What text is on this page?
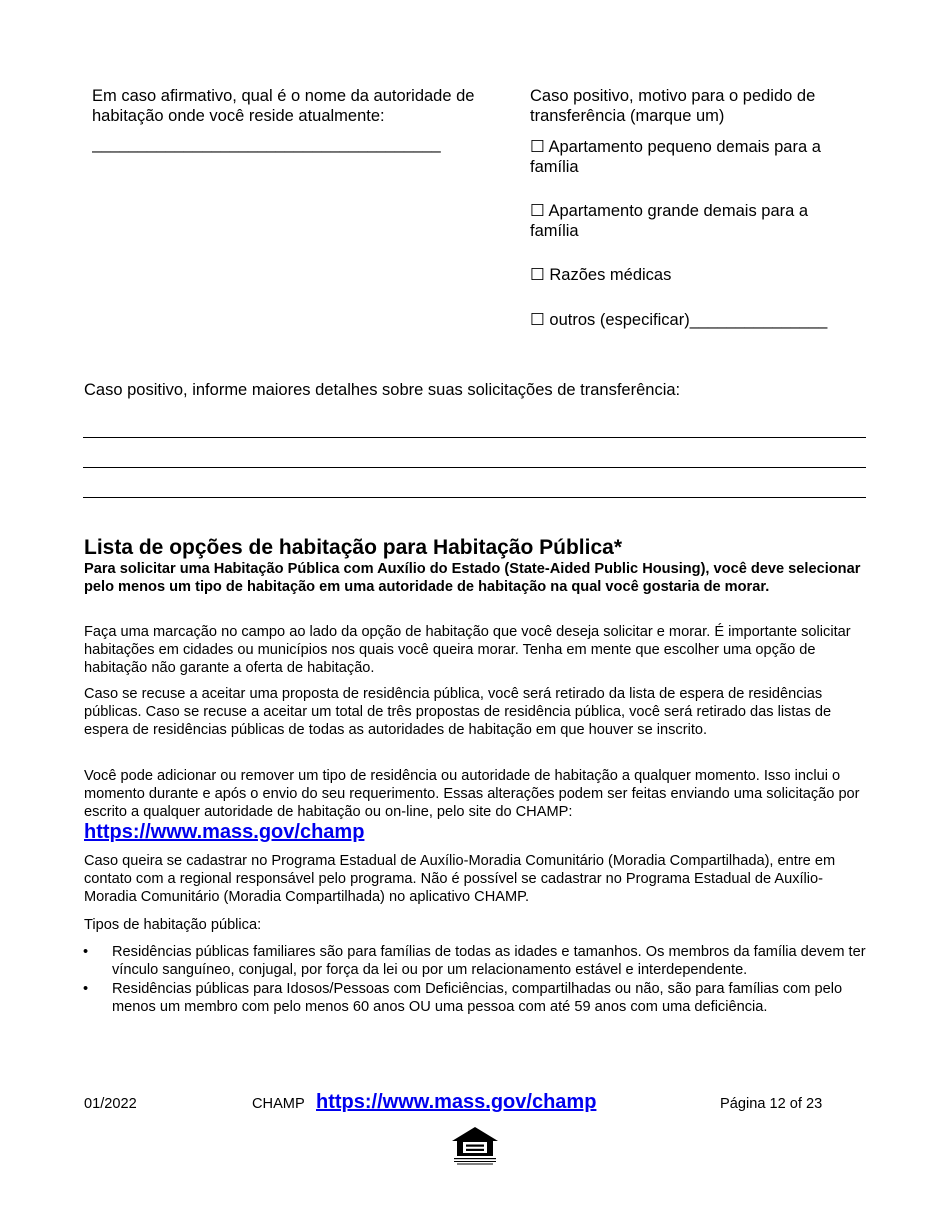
Em caso afirmativo, qual é o nome da autoridade de habitação onde você reside atualmente:
______________________________________
Caso positivo, motivo para o pedido de transferência (marque um)
☐ Apartamento pequeno demais para a família
☐ Apartamento grande demais para a família
☐ Razões médicas
☐ outros (especificar)_______________
Caso positivo, informe maiores detalhes sobre suas solicitações de transferência:
Lista de opções de habitação para Habitação Pública*
Para solicitar uma Habitação Pública com Auxílio do Estado (State-Aided Public Housing), você deve selecionar pelo menos um tipo de habitação em uma autoridade de habitação na qual você gostaria de morar.
Faça uma marcação no campo ao lado da opção de habitação que você deseja solicitar e morar. É importante solicitar habitações em cidades ou municípios nos quais você queira morar. Tenha em mente que escolher uma opção de habitação não garante a oferta de habitação.
Caso se recuse a aceitar uma proposta de residência pública, você será retirado da lista de espera de residências públicas. Caso se recuse a aceitar um total de três propostas de residência pública, você será retirado das listas de espera de residências públicas de todas as autoridades de habitação em que houver se inscrito.
Você pode adicionar ou remover um tipo de residência ou autoridade de habitação a qualquer momento. Isso inclui o momento durante e após o envio do seu requerimento. Essas alterações podem ser feitas enviando uma solicitação por escrito a qualquer autoridade de habitação ou on-line, pelo site do CHAMP:
https://www.mass.gov/champ
Caso queira se cadastrar no Programa Estadual de Auxílio-Moradia Comunitário (Moradia Compartilhada), entre em contato com a regional responsável pelo programa. Não é possível se cadastrar no Programa Estadual de Auxílio-Moradia Comunitário (Moradia Compartilhada) no aplicativo CHAMP.
Tipos de habitação pública:
• Residências públicas familiares são para famílias de todas as idades e tamanhos. Os membros da família devem ter vínculo sanguíneo, conjugal, por força da lei ou por um relacionamento estável e interdependente.
• Residências públicas para Idosos/Pessoas com Deficiências, compartilhadas ou não, são para famílias com pelo menos um membro com pelo menos 60 anos OU uma pessoa com até 59 anos com uma deficiência.
01/2022	CHAMP https://www.mass.gov/champ	Página 12 of 23
